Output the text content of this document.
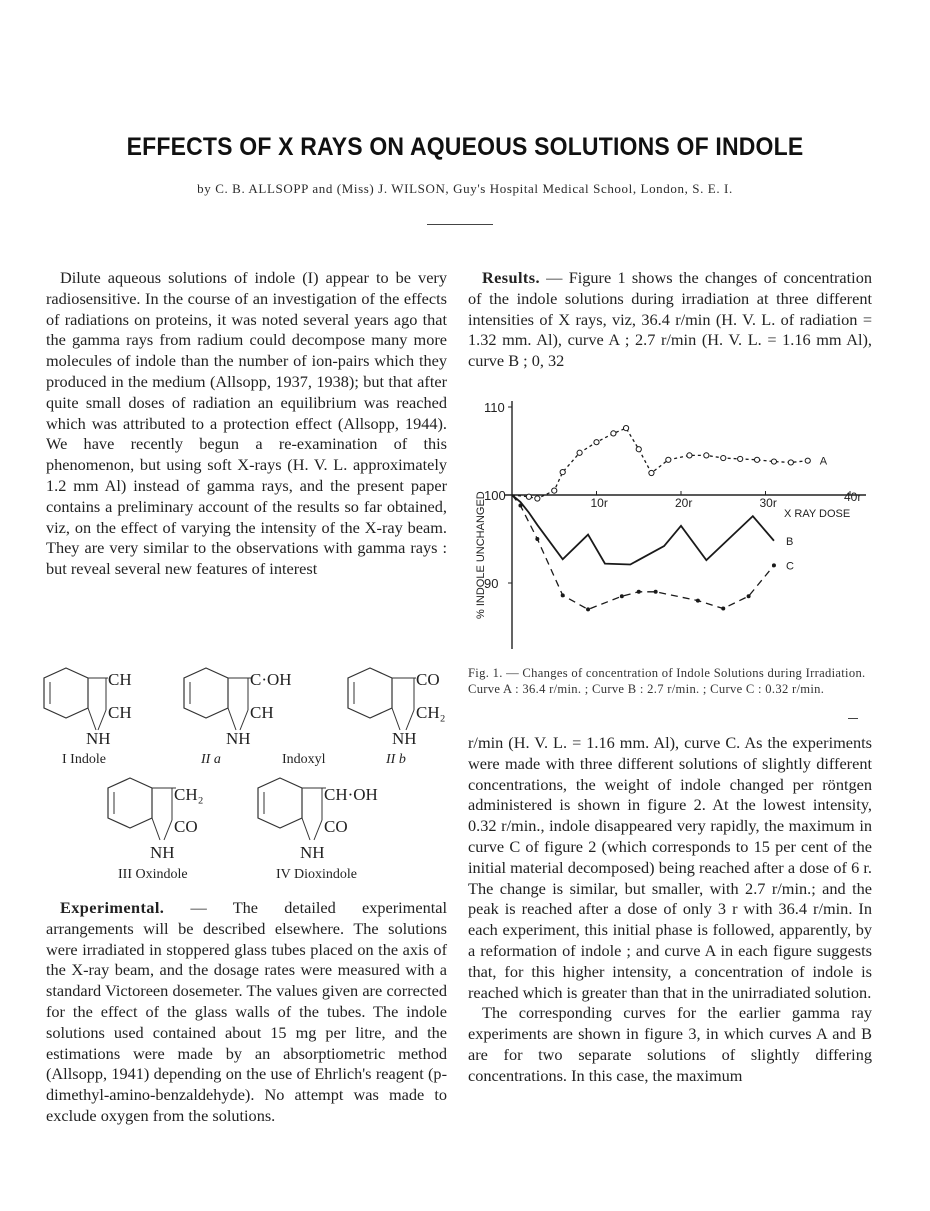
EFFECTS OF X RAYS ON AQUEOUS SOLUTIONS OF INDOLE
by C. B. ALLSOPP and (Miss) J. WILSON, Guy's Hospital Medical School, London, S. E. I.

Dilute aqueous solutions of indole (I) appear to be very radiosensitive. In the course of an investigation of the effects of radiations on proteins, it was noted several years ago that the gamma rays from radium could decompose many more molecules of indole than the number of ion-pairs which they produced in the medium (Allsopp, 1937, 1938); but that after quite small doses of radiation an equilibrium was reached which was attributed to a protection effect (Allsopp, 1944). We have recently begun a re-examination of this phenomenon, but using soft X-rays (H. V. L. approximately 1.2 mm Al) instead of gamma rays, and the present paper contains a preliminary account of the results so far obtained, viz, on the effect of varying the intensity of the X-ray beam. They are very similar to the observations with gamma rays : but reveal several new features of interest

CH
CH
NH
I Indole
C·OH
CH
NH
II a	Indoxyl
CO
CH₂
NH
II b
CH₂
CO
NH
III Oxindole
CH·OH
CO
NH
IV Dioxindole

Experimental. — The detailed experimental arrangements will be described elsewhere. The solutions were irradiated in stoppered glass tubes placed on the axis of the X-ray beam, and the dosage rates were measured with a standard Victoreen dosemeter. The values given are corrected for the effect of the glass walls of the tubes. The indole solutions used contained about 15 mg per litre, and the estimations were made by an absorptiometric method (Allsopp, 1941) depending on the use of Ehrlich's reagent (p-dimethyl-amino-benzaldehyde). No attempt was made to exclude oxygen from the solutions.

Results. — Figure 1 shows the changes of concentration of the indole solutions during irradiation at three different intensities of X rays, viz, 36.4 r/min (H. V. L. of radiation = 1.32 mm. Al), curve A ; 2.7 r/min (H. V. L. = 1.16 mm Al), curve B ; 0, 32

110
100
90
10r	20r	30r	40r
X RAY DOSE
% INDOLE UNCHANGED
A
B
C
Fig. 1. — Changes of concentration of Indole Solutions during Irradiation. Curve A : 36.4 r/min. ; Curve B : 2.7 r/min. ; Curve C : 0.32 r/min.

r/min (H. V. L. = 1.16 mm. Al), curve C. As the experiments were made with three different solutions of slightly different concentrations, the weight of indole changed per röntgen administered is shown in figure 2. At the lowest intensity, 0.32 r/min., indole disappeared very rapidly, the maximum in curve C of figure 2 (which corresponds to 15 per cent of the initial material decomposed) being reached after a dose of 6 r. The change is similar, but smaller, with 2.7 r/min.; and the peak is reached after a dose of only 3 r with 36.4 r/min. In each experiment, this initial phase is followed, apparently, by a reformation of indole ; and curve A in each figure suggests that, for this higher intensity, a concentration of indole is reached which is greater than that in the unirradiated solution.

The corresponding curves for the earlier gamma ray experiments are shown in figure 3, in which curves A and B are for two separate solutions of slightly differing concentrations. In this case, the maximum
